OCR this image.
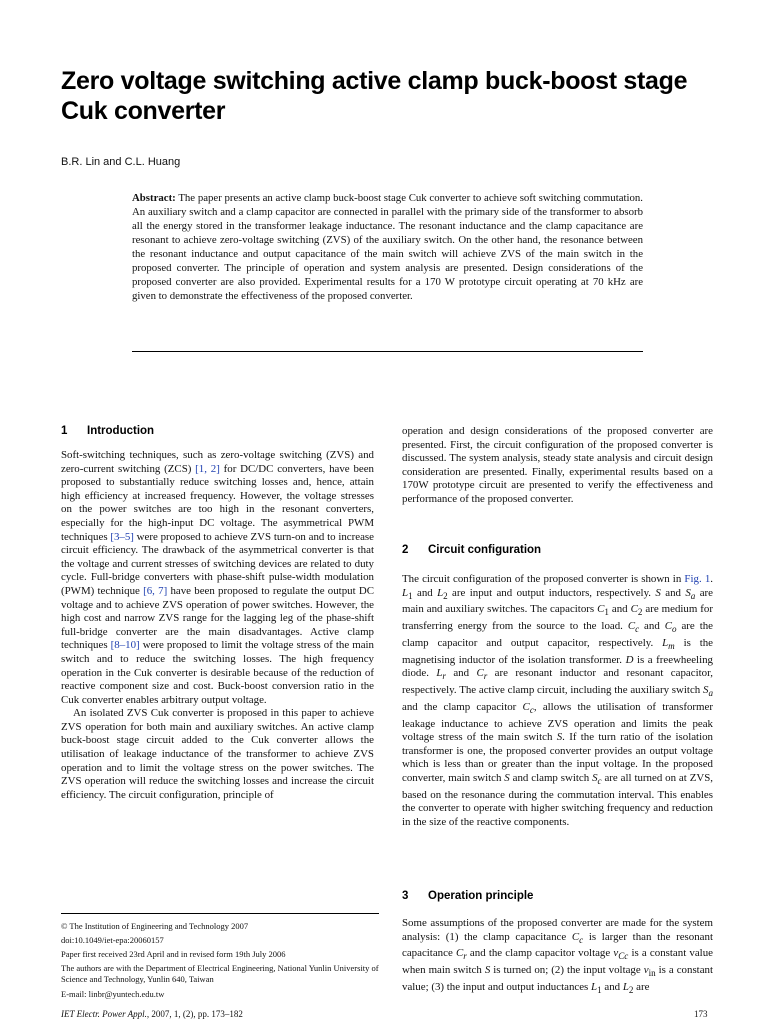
Zero voltage switching active clamp buck-boost stage Cuk converter
B.R. Lin and C.L. Huang

Abstract: The paper presents an active clamp buck-boost stage Cuk converter to achieve soft switching commutation. An auxiliary switch and a clamp capacitor are connected in parallel with the primary side of the transformer to absorb all the energy stored in the transformer leakage inductance. The resonant inductance and the clamp capacitance are resonant to achieve zero-voltage switching (ZVS) of the auxiliary switch. On the other hand, the resonance between the resonant inductance and output capacitance of the main switch will achieve ZVS of the main switch in the proposed converter. The principle of operation and system analysis are presented. Design considerations of the proposed converter are also provided. Experimental results for a 170 W prototype circuit operating at 70 kHz are given to demonstrate the effectiveness of the proposed converter.

1 Introduction

Soft-switching techniques, such as zero-voltage switching (ZVS) and zero-current switching (ZCS) [1, 2] for DC/DC converters, have been proposed to substantially reduce switching losses and, hence, attain high efficiency at increased frequency. However, the voltage stresses on the power switches are too high in the resonant converters, especially for the high-input DC voltage. The asymmetrical PWM techniques [3–5] were proposed to achieve ZVS turn-on and to increase circuit efficiency. The drawback of the asymmetrical converter is that the voltage and current stresses of switching devices are related to duty cycle. Full-bridge converters with phase-shift pulse-width modulation (PWM) technique [6, 7] have been proposed to regulate the output DC voltage and to achieve ZVS operation of power switches. However, the high cost and narrow ZVS range for the lagging leg of the phase-shift full-bridge converter are the main disadvantages. Active clamp techniques [8–10] were proposed to limit the voltage stress of the main switch and to reduce the switching losses. The high frequency operation in the Cuk converter is desirable because of the reduction of reactive component size and cost. Buck-boost conversion ratio in the Cuk converter enables arbitrary output voltage.

An isolated ZVS Cuk converter is proposed in this paper to achieve ZVS operation for both main and auxiliary switches. An active clamp buck-boost stage circuit added to the Cuk converter allows the utilisation of leakage inductance of the transformer to achieve ZVS operation and to limit the voltage stress on the power switches. The ZVS operation will reduce the switching losses and increase the circuit efficiency. The circuit configuration, principle of

operation and design considerations of the proposed converter are presented. First, the circuit configuration of the proposed converter is discussed. The system analysis, steady state analysis and circuit design consideration are presented. Finally, experimental results based on a 170W prototype circuit are presented to verify the effectiveness and performance of the proposed converter.

2 Circuit configuration

The circuit configuration of the proposed converter is shown in Fig. 1. $L_1$ and $L_2$ are input and output inductors, respectively. S and $S_a$ are main and auxiliary switches. The capacitors $C_1$ and $C_2$ are medium for transferring energy from the source to the load. $C_c$ and $C_o$ are the clamp capacitor and output capacitor, respectively. $L_m$ is the magnetising inductor of the isolation transformer. D is a freewheeling diode. $L_r$ and $C_r$ are resonant inductor and resonant capacitor, respectively. The active clamp circuit, including the auxiliary switch $S_a$ and the clamp capacitor $C_c$, allows the utilisation of transformer leakage inductance to achieve ZVS operation and limits the peak voltage stress of the main switch S. If the turn ratio of the isolation transformer is one, the proposed converter provides an output voltage which is less than or greater than the input voltage. In the proposed converter, main switch S and clamp switch $S_c$ are all turned on at ZVS, based on the resonance during the commutation interval. This enables the converter to operate with higher switching frequency and reduction in the size of the reactive components.

3 Operation principle

Some assumptions of the proposed converter are made for the system analysis: (1) the clamp capacitance $C_c$ is larger than the resonant capacitance $C_r$ and the clamp capacitor voltage $v_{Cc}$ is a constant value when main switch S is turned on; (2) the input voltage $v_{in}$ is a constant value; (3) the input and output inductances $L_1$ and $L_2$ are

© The Institution of Engineering and Technology 2007
doi:10.1049/iet-epa:20060157
Paper first received 23rd April and in revised form 19th July 2006
The authors are with the Department of Electrical Engineering, National Yunlin University of Science and Technology, Yunlin 640, Taiwan
E-mail: linbr@yuntech.edu.tw
IET Electr. Power Appl., 2007, 1, (2), pp. 173–182	173
